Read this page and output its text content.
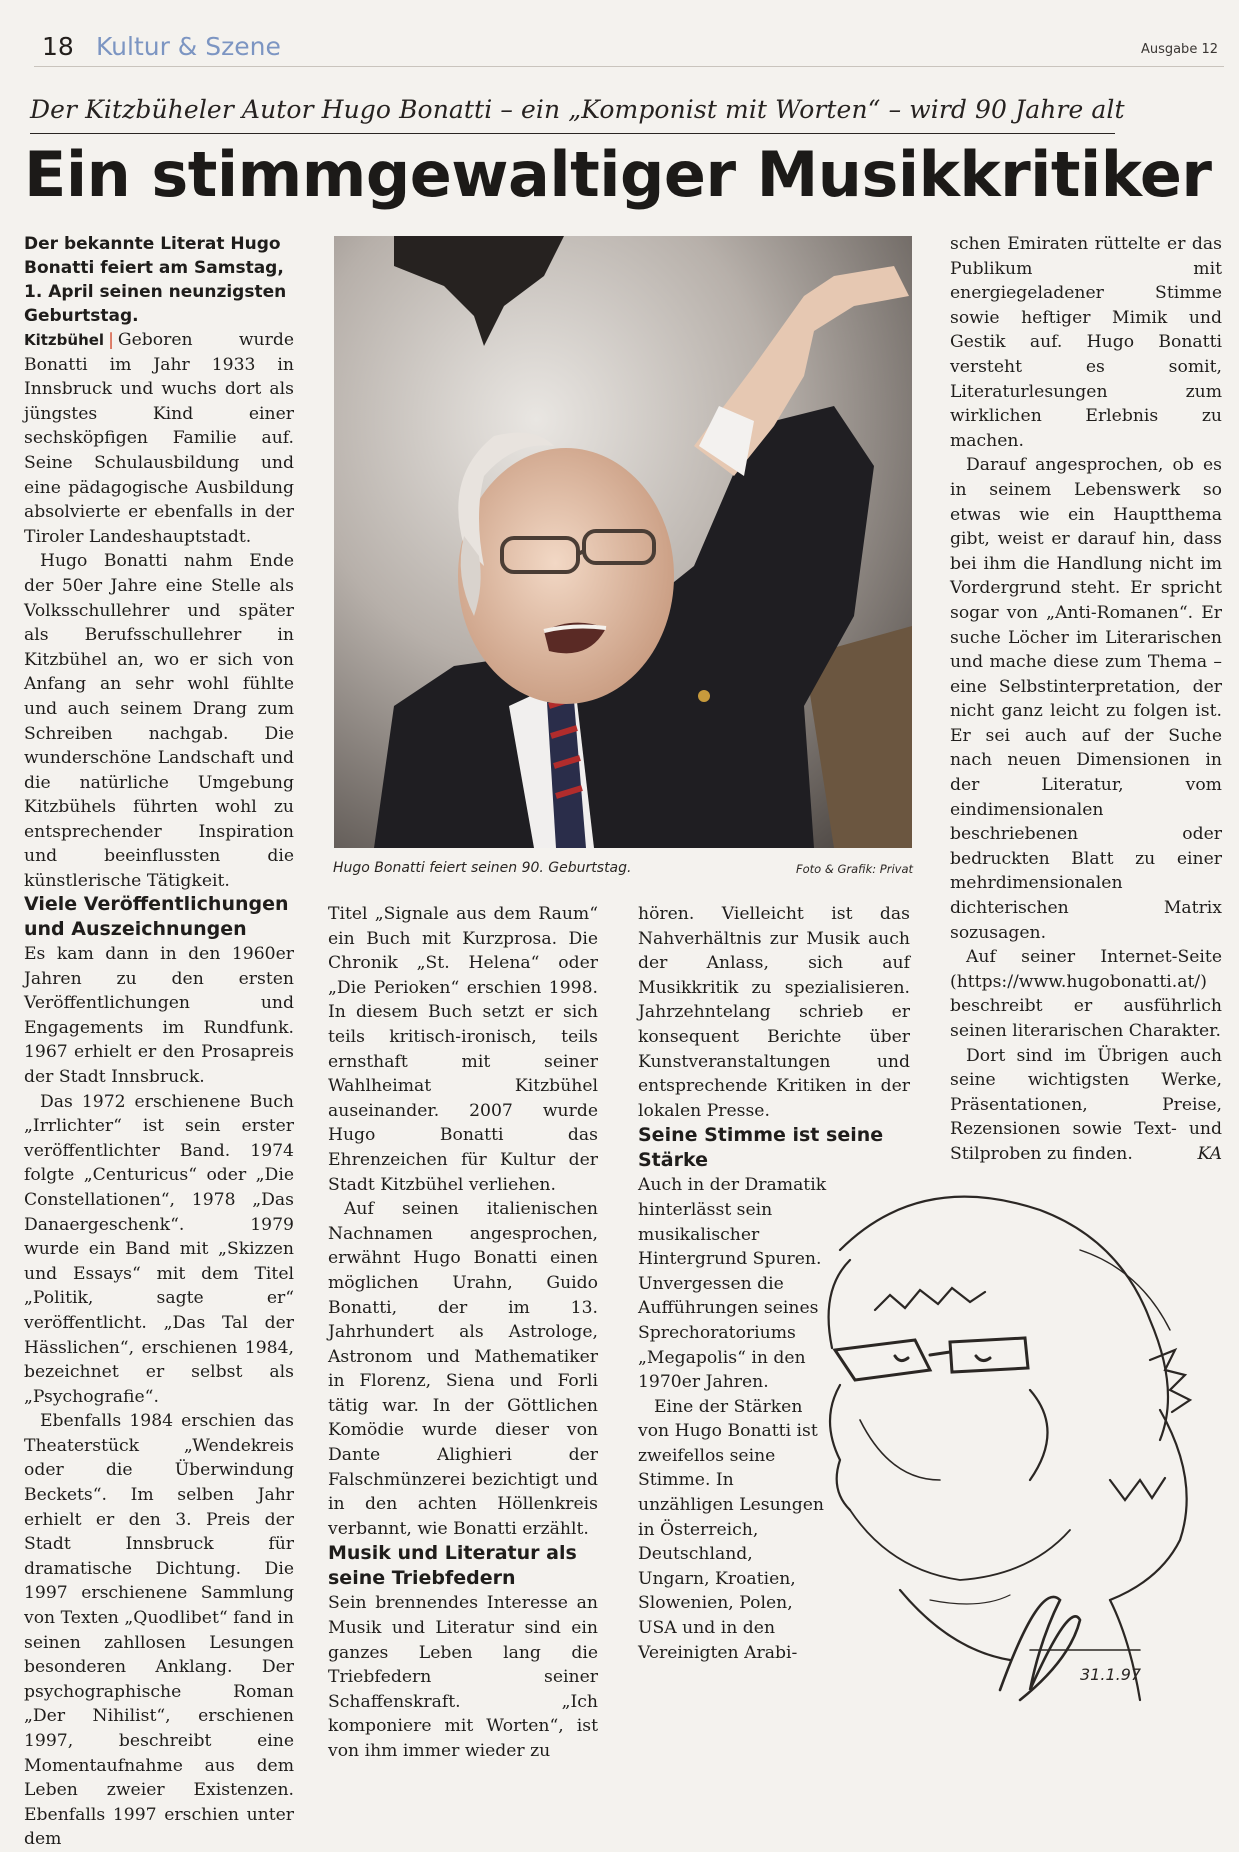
18 Kultur & Szene	Ausgabe 12
Der Kitzbüheler Autor Hugo Bonatti – ein „Komponist mit Worten“ – wird 90 Jahre alt
Ein stimmgewaltiger Musikkritiker

Der bekannte Literat Hugo Bonatti feiert am Samstag, 1. April seinen neunzigsten Geburtstag.

Kitzbühel | Geboren wurde Bonatti im Jahr 1933 in Innsbruck und wuchs dort als jüngstes Kind einer sechsköpfigen Familie auf. Seine Schulausbildung und eine pädagogische Ausbildung absolvierte er ebenfalls in der Tiroler Landeshauptstadt.

Hugo Bonatti nahm Ende der 50er Jahre eine Stelle als Volksschullehrer und später als Berufsschullehrer in Kitzbühel an, wo er sich von Anfang an sehr wohl fühlte und auch seinem Drang zum Schreiben nachgab. Die wunderschöne Landschaft und die natürliche Umgebung Kitzbühels führten wohl zu entsprechender Inspiration und beeinflussten die künstlerische Tätigkeit.

Viele Veröffentlichungen und Auszeichnungen

Es kam dann in den 1960er Jahren zu den ersten Veröffentlichungen und Engagements im Rundfunk. 1967 erhielt er den Prosapreis der Stadt Innsbruck.

Das 1972 erschienene Buch „Irrlichter“ ist sein erster veröffentlichter Band. 1974 folgte „Centuricus“ oder „Die Constellationen“, 1978 „Das Danaergeschenk“. 1979 wurde ein Band mit „Skizzen und Essays“ mit dem Titel „Politik, sagte er“ veröffentlicht. „Das Tal der Hässlichen“, erschienen 1984, bezeichnet er selbst als „Psychografie“.

Ebenfalls 1984 erschien das Theaterstück „Wendekreis oder die Überwindung Beckets“. Im selben Jahr erhielt er den 3. Preis der Stadt Innsbruck für dramatische Dichtung. Die 1997 erschienene Sammlung von Texten „Quodlibet“ fand in seinen zahllosen Lesungen besonderen Anklang. Der psychographische Roman „Der Nihilist“, erschienen 1997, beschreibt eine Momentaufnahme aus dem Leben zweier Existenzen. Ebenfalls 1997 erschien unter dem

Hugo Bonatti feiert seinen 90. Geburtstag.	Foto & Grafik: Privat

Titel „Signale aus dem Raum“ ein Buch mit Kurzprosa. Die Chronik „St. Helena“ oder „Die Perioken“ erschien 1998. In diesem Buch setzt er sich teils kritisch-ironisch, teils ernsthaft mit seiner Wahlheimat Kitzbühel auseinander. 2007 wurde Hugo Bonatti das Ehrenzeichen für Kultur der Stadt Kitzbühel verliehen.

Auf seinen italienischen Nachnamen angesprochen, erwähnt Hugo Bonatti einen möglichen Urahn, Guido Bonatti, der im 13. Jahrhundert als Astrologe, Astronom und Mathematiker in Florenz, Siena und Forli tätig war. In der Göttlichen Komödie wurde dieser von Dante Alighieri der Falschmünzerei bezichtigt und in den achten Höllenkreis verbannt, wie Bonatti erzählt.

Musik und Literatur als seine Triebfedern

Sein brennendes Interesse an Musik und Literatur sind ein ganzes Leben lang die Triebfedern seiner Schaffenskraft. „Ich komponiere mit Worten“, ist von ihm immer wieder zu

hören. Vielleicht ist das Nahverhältnis zur Musik auch der Anlass, sich auf Musikkritik zu spezialisieren. Jahrzehntelang schrieb er konsequent Berichte über Kunstveranstaltungen und entsprechende Kritiken in der lokalen Presse.

Seine Stimme ist seine Stärke

Auch in der Dramatik hinterlässt sein musikalischer Hintergrund Spuren. Unvergessen die Aufführungen seines Sprechoratoriums „Megapolis“ in den 1970er Jahren.

Eine der Stärken von Hugo Bonatti ist zweifellos seine Stimme. In unzähligen Lesungen in Österreich, Deutschland, Ungarn, Kroatien, Slowenien, Polen, USA und in den Vereinigten Arabi-

schen Emiraten rüttelte er das Publikum mit energiegeladener Stimme sowie heftiger Mimik und Gestik auf. Hugo Bonatti versteht es somit, Literaturlesungen zum wirklichen Erlebnis zu machen.

Darauf angesprochen, ob es in seinem Lebenswerk so etwas wie ein Hauptthema gibt, weist er darauf hin, dass bei ihm die Handlung nicht im Vordergrund steht. Er spricht sogar von „Anti-Romanen“. Er suche Löcher im Literarischen und mache diese zum Thema – eine Selbstinterpretation, der nicht ganz leicht zu folgen ist. Er sei auch auf der Suche nach neuen Dimensionen in der Literatur, vom eindimensionalen beschriebenen oder bedruckten Blatt zu einer mehrdimensionalen dichterischen Matrix sozusagen.

Auf seiner Internet-Seite (https://www.hugobonatti.at/) beschreibt er ausführlich seinen literarischen Charakter.

Dort sind im Übrigen auch seine wichtigsten Werke, Präsentationen, Preise, Rezensionen sowie Text- und Stilproben zu finden.	KA

31.1.97
